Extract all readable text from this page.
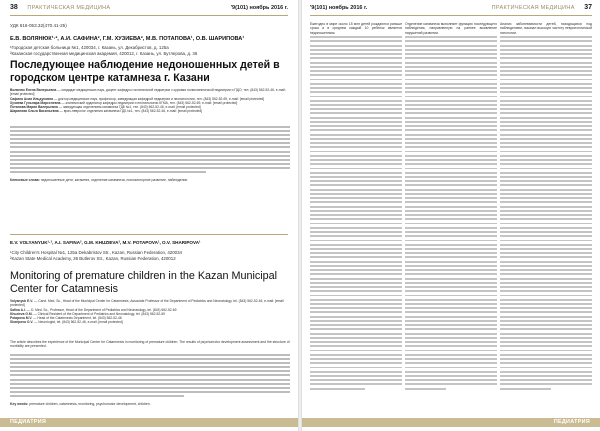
38 ПРАКТИЧЕСКАЯ МЕДИЦИНА	'9(101) ноябрь 2016 г.
УДК 616-053.32(470.41-25)
Е.В. ВОЛЯНЮК¹·², А.И. САФИНА², Г.М. ХУЗИЕВА², М.В. ПОТАПОВА¹, О.В. ШАРИПОВА¹
¹Городская детская больница №1, 420034, г. Казань, ул. Декабристов, д. 125а
²Казанская государственная медицинская академия, 420012, г. Казань, ул. Бутлерова, д. 36
Последующее наблюдение недоношенных детей в городском центре катамнеза г. Казани
Волянюк Елена Валерьевна — кандидат медицинских наук, доцент кафедры госпитальной педиатрии с курсами поликлинической педиатрии и ПДО, тел. (843) 562-52-46, e-mail: [email protected]
Сафина Асия Ильдусовна — доктор медицинских наук, профессор, заведующая кафедрой педиатрии и неонатологии, тел. (843) 562-52-69, e-mail: [email protected]
Хузиева Гульнара Марселевна — клинический ординатор кафедры педиатрии и неонатологии КГМА, тел. (843) 562-52-69, e-mail: [email protected]
Потапова Мария Валерьевна — заведующая отделением катамнеза ГДБ №1, тел. (843) 562-52-46, e-mail: [email protected]
Шарипова Ольга Васильевна — врач-невролог отделения катамнеза ГДБ №1, тел. (843) 562-52-46, e-mail: [email protected]
Ключевые слова: недоношенные дети, катамнез, отделение катамнеза, психомоторное развитие, наблюдение.
E.V. VOLYANYUK¹·², A.I. SAFINA², G.M. KHUZIEVA², M.V. POTAPOVA¹, O.V. SHARIPOVA¹
¹City Children's Hospital №1, 125a Dekabristov Str., Kazan, Russian Federation, 420034
²Kazan State Medical Academy, 36 Butlerov Str., Kazan, Russian Federation, 420012
Monitoring of premature children in the Kazan Municipal Center for Catamnesis
Volyanyuk E.V. — Cand. Med. Sc., Head of the Municipal Center for Catamnesis, Associate Professor of the Department of Pediatrics and Neonatology, tel. (843) 562-52-46, e-mail: [email protected]
Safina A.I. — D. Med. Sc., Professor, Head of the Department of Pediatrics and Neonatology, tel. (843) 562-52-69
Khuzieva G.M. — Clinical Resident of the Department of Pediatrics and Neonatology, tel. (843) 562-52-69
Potapova M.V. — Head of the Catamnesis Department, tel. (843) 562-52-46
Sharipova O.V. — Neurologist, tel. (843) 562-52-46, e-mail: [email protected]
The article describes the experience of the Municipal Center for Catamnesis in monitoring of premature children. The results of psychomotor development assessment and the structure of morbidity are presented.
Key words: premature children, catamnesis, monitoring, psychomotor development, children.
ПЕДИАТРИЯ
'9(101) ноябрь 2016 г.	ПРАКТИЧЕСКАЯ МЕДИЦИНА 37
Ежегодно в мире около 15 млн детей рождаются раньше срока и в среднем каждый 10 ребенок является недоношенным.
Отделение катамнеза выполняет функцию последующего наблюдения, направленную на раннее выявление нарушений развития.
Анализ заболеваемости детей, находящихся под наблюдением, показал высокую частоту неврологической патологии.
ПЕДИАТРИЯ
